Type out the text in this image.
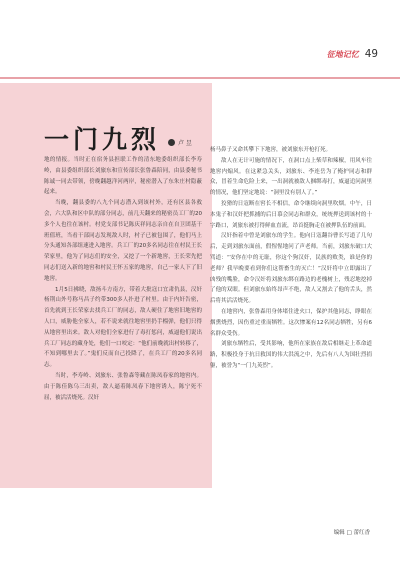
征地记忆 49
一门九烈	卢 昱

地的情报。当时正在宿务县担联工作的清东地委组织部长李寿岭，由县委组织部长刘旅东和宣传部长张鲁森陪同，由县委秘书陈诚一同去带领，傍晚翻越洋河两岸，秘密潜入了东朱庄村隐蔽起来。

当晚，翻县委的八九个同志潜入到该村外，还有区县各救会，六大队和区中队的部分同志，前几天翻来的秘密员工厂的20多个人也往在该村。村党支部书记陈庆祥同志亲自在自卫团基干班值班，当看干部同志发现敌人时，村子已被包围了，他们马上分头通知各部组速进入地窖。兵工厂的20多名同志往在村民王长荣家里，他为了同志们的安全，又挖了一个新地窖，王长荣先把同志们送入新的地窖和村民王怀五家的地窖，自己一家人下了旧地窖。

1月5日拂晓，敌扬斗方南方，带着大批寇口宜肃仇县，汉奸杨荆山外号称马昌子约带300多人扑进了村里。由于内奸告密，首先就到王长荣家去找兵工厂的同志，敌人硬住了地窖旧地窖的人口，威胁他全家人，若不说来就往地窖里扔手榴弹，他们只得从地窖里出来。敌人对他们全家进行了毒打惩问，威逼他们说出兵工厂同志的藏身处，他们一口咬定：“他们前晚就出村转移了，不知到哪里去了。”鬼们反而自己投降了，在兵工厂的20多名同志。

当时，李寿岭、刘旅东、张鲁森等藏在陈凤春家的地窖内。由于陈佳陈乌三出卖，敌人逼着陈凤春下地窖诱人，陈宁死不屈，被活活烧死。汉奸

杨马鼻子又命其攀下下地窖，被刘旅东开枪打死。

敌人在无计可施的情况下，在洞口点上柴草和辣椒，用风车往地窖内煽风。在这紧急关头，刘旅东、李连岳为了掩护同志和群众，冒着生命危险上来，一出洞就被敌人捆绑毒打，威逼追问洞里的情况，他们坚定地说：“洞里没有别人了。”

狡猾的日寇断在窖长不相信，命令继续向洞里吹烟。中午，日本鬼子和汉奸把抓捕的后日慕会同志和群众，统统押送到该村的十字路口，刘旅东被打得鲜血直流，昂首挺胸走在被押队伍的前面。

汉奸指着中曾是刘旅东的学生。他向日寇翻谷曹长写道了几句后，走到刘旅东面前，假惺惺地问了声老师。当前，刘旅东破口大骂道：“安你在中的无耻，你这个狗汉奸，民族的败类，谁是你的老师？我早晚要看到你们这帮畜生的灭亡！”汉奸将中立即露出了凶残的嘴脸，命令汉奸将刘旅东绑在路边的老槐树上，残忍地挖掉了他的双眼。但刘旅东始终昂声不绝，敌人又割去了他的舌头，然后将其活活烧死。

在地窖内，张鲁森用身体堵住进火口，保护其他同志，睁眼在烟熏烧烈，因伤重过重而牺牲。这次惨案有12名同志牺牲，另有6名群众受伤。

刘旅东牺牲后，受其影响，他所在家族在敌后相继走上革命道路，积极投身于抗日救国的伟大洪流之中，先后有八人为国壮烈捐躯，被誉为“一门九英烈”。

编辑 □ 蕾红香
